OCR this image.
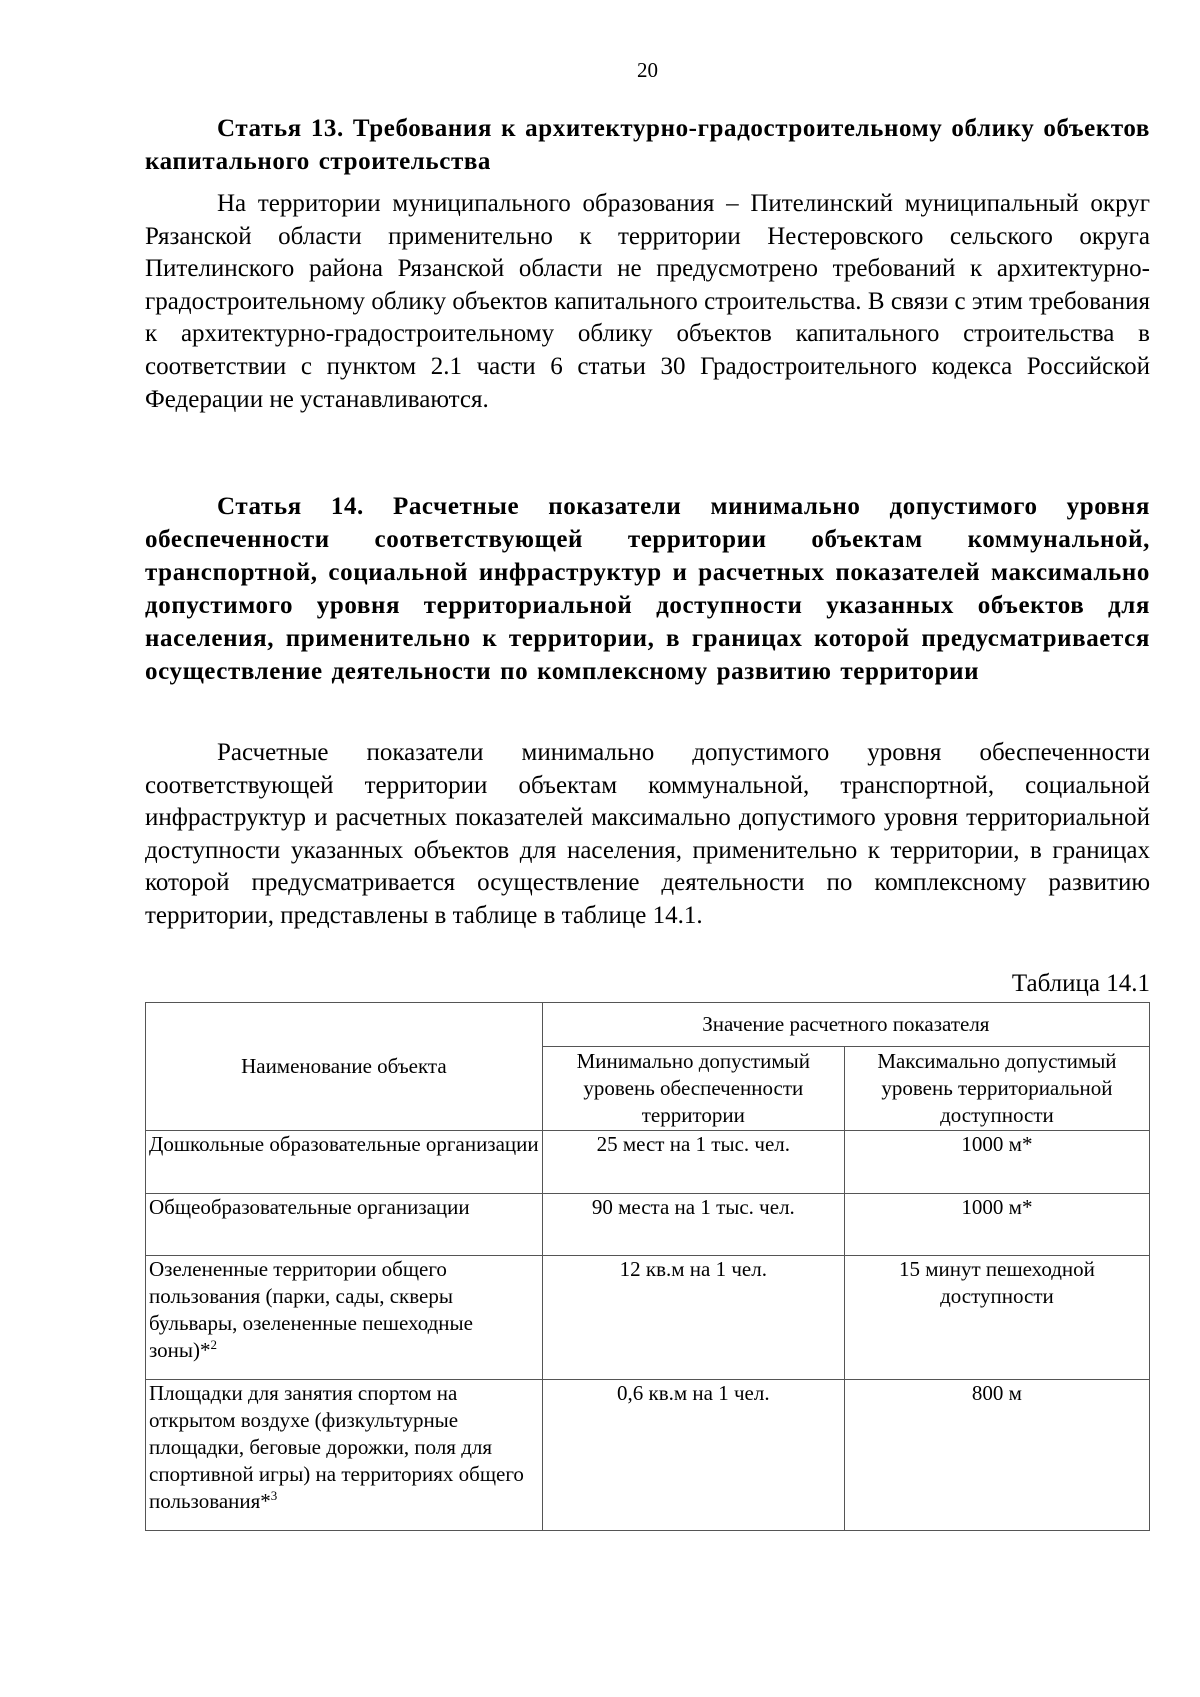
20
Статья 13. Требования к архитектурно-градостроительному облику объектов капитального строительства
На территории муниципального образования – Пителинский муниципальный округ Рязанской области применительно к территории Нестеровского сельского округа Пителинского района Рязанской области не предусмотрено требований к архитектурно-градостроительному облику объектов капитального строительства. В связи с этим требования к архитектурно-градостроительному облику объектов капитального строительства в соответствии с пунктом 2.1 части 6 статьи 30 Градостроительного кодекса Российской Федерации не устанавливаются.
Статья 14. Расчетные показатели минимально допустимого уровня обеспеченности соответствующей территории объектам коммунальной, транспортной, социальной инфраструктур и расчетных показателей максимально допустимого уровня территориальной доступности указанных объектов для населения, применительно к территории, в границах которой предусматривается осуществление деятельности по комплексному развитию территории
Расчетные показатели минимально допустимого уровня обеспеченности соответствующей территории объектам коммунальной, транспортной, социальной инфраструктур и расчетных показателей максимально допустимого уровня территориальной доступности указанных объектов для населения, применительно к территории, в границах которой предусматривается осуществление деятельности по комплексному развитию территории, представлены в таблице в таблице 14.1.
Таблица 14.1
Наименование объекта	Значение расчетного показателя	
	Минимально допустимый уровень обеспеченности территории	Максимально допустимый уровень территориальной доступности
Дошкольные образовательные организации	25 мест на 1 тыс. чел.	1000 м*
Общеобразовательные организации	90 места на 1 тыс. чел.	1000 м*
Озелененные территории общего пользования (парки, сады, скверы бульвары, озелененные пешеходные зоны)*$^2$	12 кв.м на 1 чел.	15 минут пешеходной доступности
Площадки для занятия спортом на открытом воздухе (физкультурные площадки, беговые дорожки, поля для спортивной игры) на территориях общего пользования*$^3$	0,6 кв.м на 1 чел.	800 м
